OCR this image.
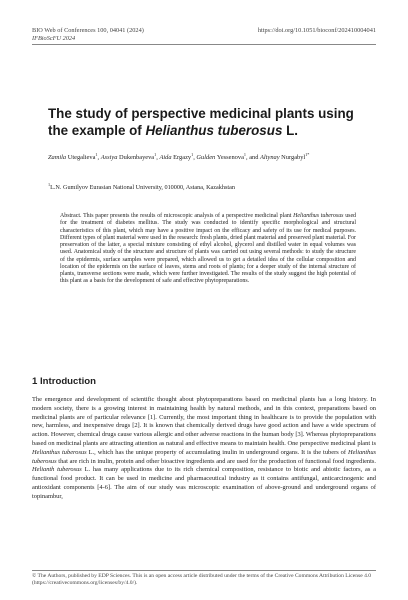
BIO Web of Conferences 100, 04041 (2024)	https://doi.org/10.1051/bioconf/202410004041
IFBioScFU 2024
The study of perspective medicinal plants using the example of Helianthus tuberosus L.
Zamila Utegalieva$^1$, Assiya Dukenbayeva$^1$, Aida Ergazy$^1$, Gulden Yessenova$^1$, and Altynay Nurgabyl$^{1*}$
$^1$L.N. Gumilyov Eurasian National University, 010000, Astana, Kazakhstan
Abstract. This paper presents the results of microscopic analysis of a perspective medicinal plant Helianthus tuberosus used for the treatment of diabetes mellitus. The study was conducted to identify specific morphological and structural characteristics of this plant, which may have a positive impact on the efficacy and safety of its use for medical purposes. Different types of plant material were used in the research: fresh plants, dried plant material and preserved plant material. For preservation of the latter, a special mixture consisting of ethyl alcohol, glycerol and distilled water in equal volumes was used. Anatomical study of the structure and structure of plants was carried out using several methods: to study the structure of the epidermis, surface samples were prepared, which allowed us to get a detailed idea of the cellular composition and location of the epidermis on the surface of leaves, stems and roots of plants; for a deeper study of the internal structure of plants, transverse sections were made, which were further investigated. The results of the study suggest the high potential of this plant as a basis for the development of safe and effective phytopreparations.
1 Introduction
The emergence and development of scientific thought about phytopreparations based on medicinal plants has a long history. In modern society, there is a growing interest in maintaining health by natural methods, and in this context, preparations based on medicinal plants are of particular relevance [1]. Currently, the most important thing in healthcare is to provide the population with new, harmless, and inexpensive drugs [2]. It is known that chemically derived drugs have good action and have a wide spectrum of action. However, chemical drugs cause various allergic and other adverse reactions in the human body [3]. Whereas phytopreparations based on medicinal plants are attracting attention as natural and effective means to maintain health. One perspective medicinal plant is Helianthus tuberosus L., which has the unique property of accumulating inulin in underground organs. It is the tubers of Helianthus tuberosus that are rich in inulin, protein and other bioactive ingredients and are used for the production of functional food ingredients. Helianth tuberosus L. has many applications due to its rich chemical composition, resistance to biotic and abiotic factors, as a functional food product. It can be used in medicine and pharmaceutical industry as it contains antifungal, anticarcinogenic and antioxidant components [4-6]. The aim of our study was microscopic examination of above-ground and underground organs of topinambur,
© The Authors, published by EDP Sciences. This is an open access article distributed under the terms of the Creative Commons Attribution License 4.0 (https://creativecommons.org/licenses/by/4.0/).
